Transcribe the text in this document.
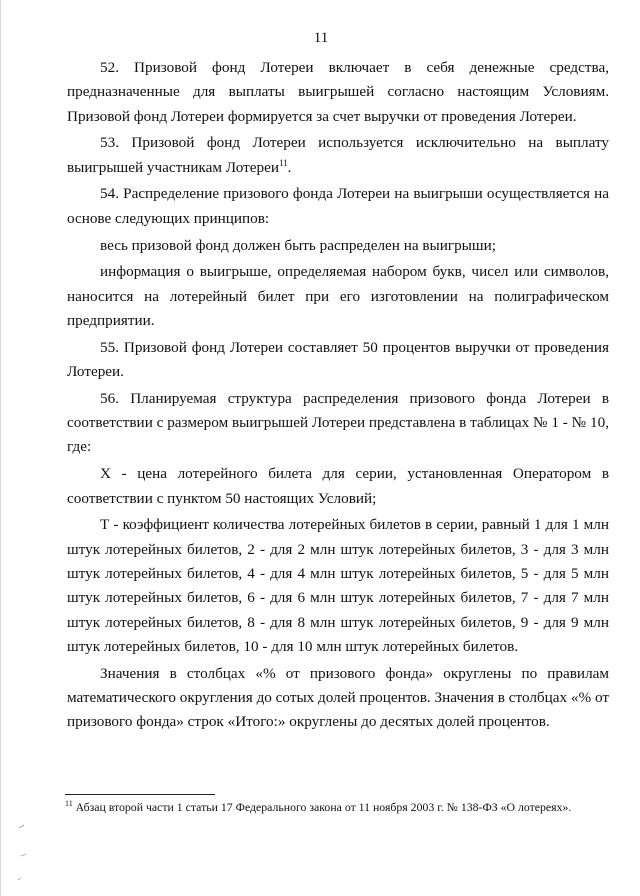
11

52. Призовой фонд Лотереи включает в себя денежные средства, предназначенные для выплаты выигрышей согласно настоящим Условиям. Призовой фонд Лотереи формируется за счет выручки от проведения Лотереи.

53. Призовой фонд Лотереи используется исключительно на выплату выигрышей участникам Лотереи$^{11}$.

54. Распределение призового фонда Лотереи на выигрыши осуществляется на основе следующих принципов:

весь призовой фонд должен быть распределен на выигрыши;

информация о выигрыше, определяемая набором букв, чисел или символов, наносится на лотерейный билет при его изготовлении на полиграфическом предприятии.

55. Призовой фонд Лотереи составляет 50 процентов выручки от проведения Лотереи.

56. Планируемая структура распределения призового фонда Лотереи в соответствии с размером выигрышей Лотереи представлена в таблицах № 1 - № 10, где:

X - цена лотерейного билета для серии, установленная Оператором в соответствии с пунктом 50 настоящих Условий;

Т - коэффициент количества лотерейных билетов в серии, равный 1 для 1 млн штук лотерейных билетов, 2 - для 2 млн штук лотерейных билетов, 3 - для 3 млн штук лотерейных билетов, 4 - для 4 млн штук лотерейных билетов, 5 - для 5 млн штук лотерейных билетов, 6 - для 6 млн штук лотерейных билетов, 7 - для 7 млн штук лотерейных билетов, 8 - для 8 млн штук лотерейных билетов, 9 - для 9 млн штук лотерейных билетов, 10 - для 10 млн штук лотерейных билетов.

Значения в столбцах «% от призового фонда» округлены по правилам математического округления до сотых долей процентов. Значения в столбцах «% от призового фонда» строк «Итого:» округлены до десятых долей процентов.

$^{11}$ Абзац второй части 1 статьи 17 Федерального закона от 11 ноября 2003 г. № 138-ФЗ «О лотереях».
